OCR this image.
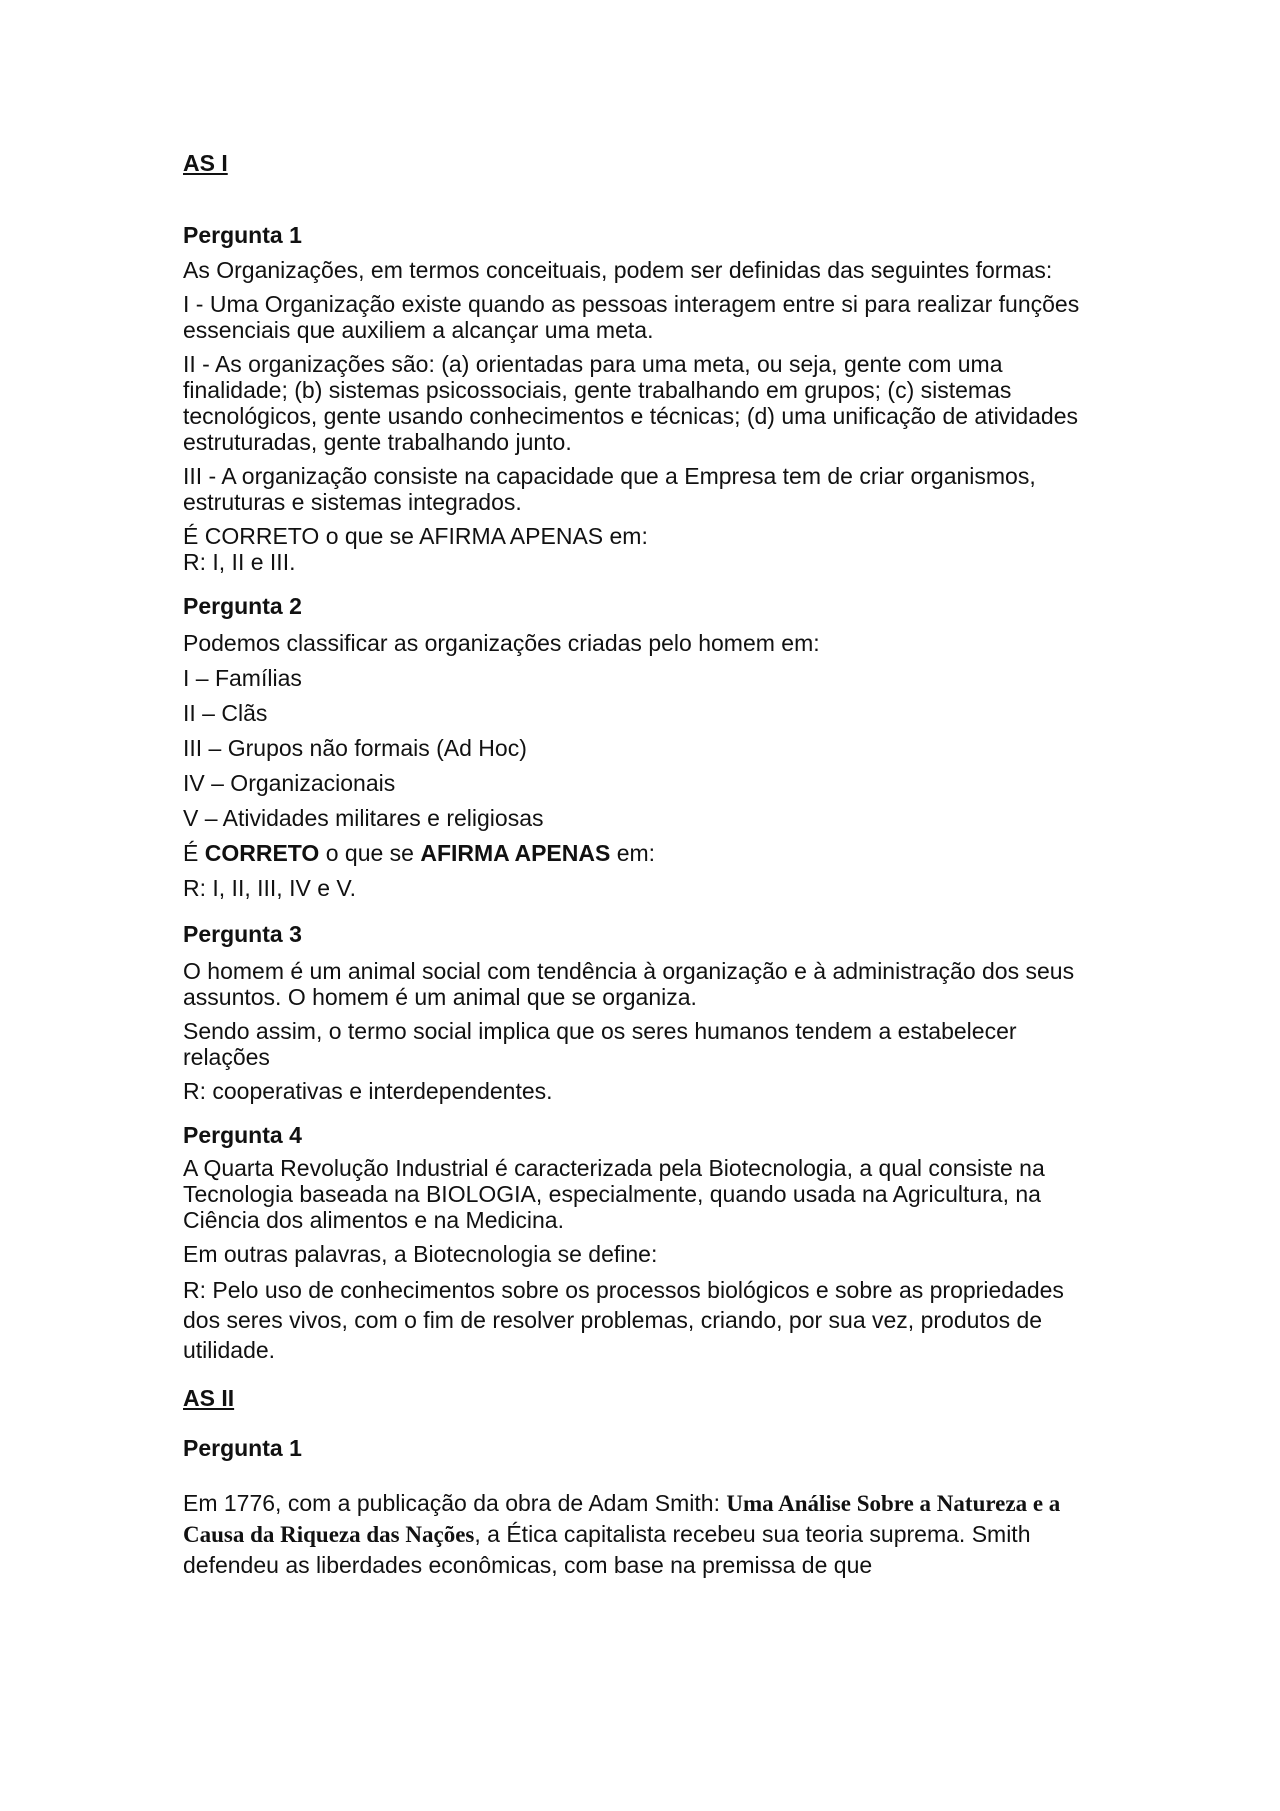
AS I

Pergunta 1

As Organizações, em termos conceituais, podem ser definidas das seguintes formas:

I - Uma Organização existe quando as pessoas interagem entre si para realizar funções essenciais que auxiliem a alcançar uma meta.

II - As organizações são: (a) orientadas para uma meta, ou seja, gente com uma finalidade; (b) sistemas psicossociais, gente trabalhando em grupos; (c) sistemas tecnológicos, gente usando conhecimentos e técnicas; (d) uma unificação de atividades estruturadas, gente trabalhando junto.

III - A organização consiste na capacidade que a Empresa tem de criar organismos, estruturas e sistemas integrados.

É CORRETO o que se AFIRMA APENAS em:

R: I, II e III.

Pergunta 2

Podemos classificar as organizações criadas pelo homem em:

I – Famílias

II – Clãs

III – Grupos não formais (Ad Hoc)

IV – Organizacionais

V – Atividades militares e religiosas

É CORRETO o que se AFIRMA APENAS em:

R: I, II, III, IV e V.

Pergunta 3

O homem é um animal social com tendência à organização e à administração dos seus assuntos. O homem é um animal que se organiza.

Sendo assim, o termo social implica que os seres humanos tendem a estabelecer relações

R: cooperativas e interdependentes.

Pergunta 4

A Quarta Revolução Industrial é caracterizada pela Biotecnologia, a qual consiste na Tecnologia baseada na BIOLOGIA, especialmente, quando usada na Agricultura, na Ciência dos alimentos e na Medicina.

Em outras palavras, a Biotecnologia se define:

R: Pelo uso de conhecimentos sobre os processos biológicos e sobre as propriedades dos seres vivos, com o fim de resolver problemas, criando, por sua vez, produtos de utilidade.

AS II

Pergunta 1

Em 1776, com a publicação da obra de Adam Smith: Uma Análise Sobre a Natureza e a Causa da Riqueza das Nações, a Ética capitalista recebeu sua teoria suprema. Smith defendeu as liberdades econômicas, com base na premissa de que
